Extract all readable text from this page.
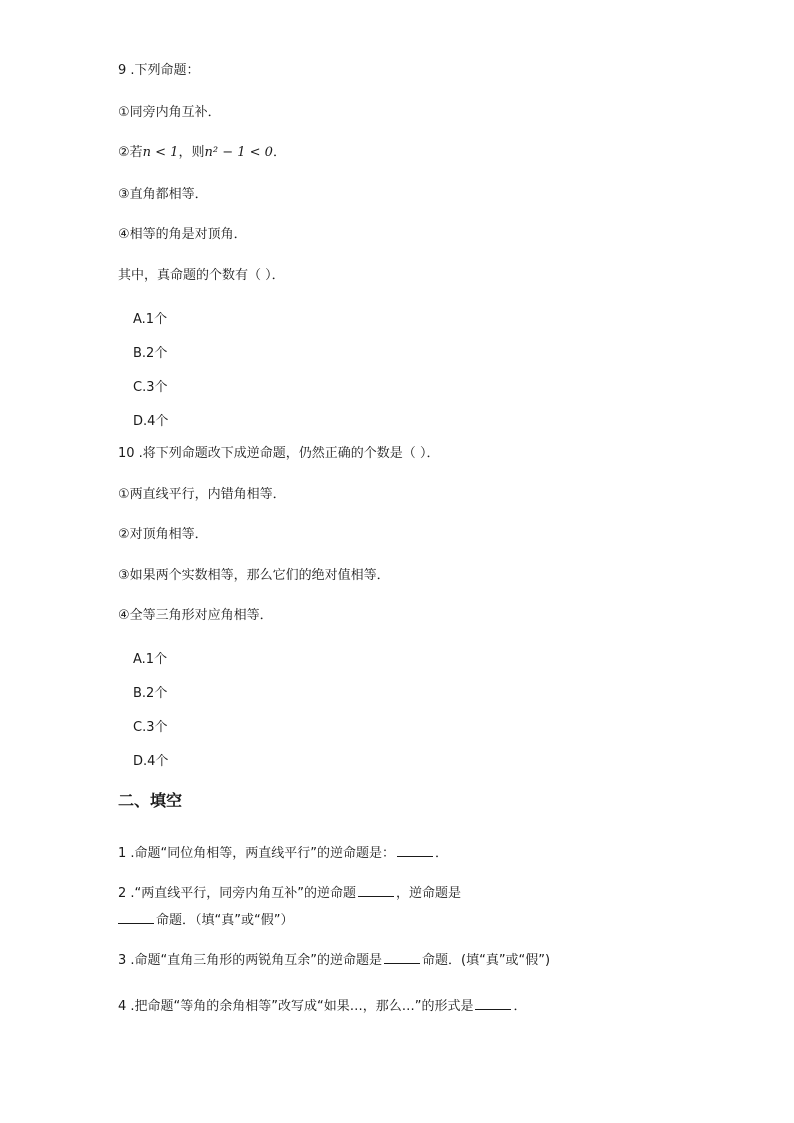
9 .下列命题：
①同旁内角互补．
②若n < 1，则n² − 1 < 0．
③直角都相等．
④相等的角是对顶角．
其中，真命题的个数有（ ）．
A.1个
B.2个
C.3个
D.4个
10 .将下列命题改下成逆命题，仍然正确的个数是（ ）．
①两直线平行，内错角相等．
②对顶角相等．
③如果两个实数相等，那么它们的绝对值相等．
④全等三角形对应角相等．
A.1个
B.2个
C.3个
D.4个
二、填空
1 .命题“同位角相等，两直线平行”的逆命题是：	．
2 .“两直线平行，同旁内角互补”的逆命题	，逆命题是
命题．（填“真”或“假”）
3 .命题“直角三角形的两锐角互余”的逆命题是	命题．(填“真”或“假”)
4 .把命题“等角的余角相等”改写成“如果…，那么…”的形式是	．
